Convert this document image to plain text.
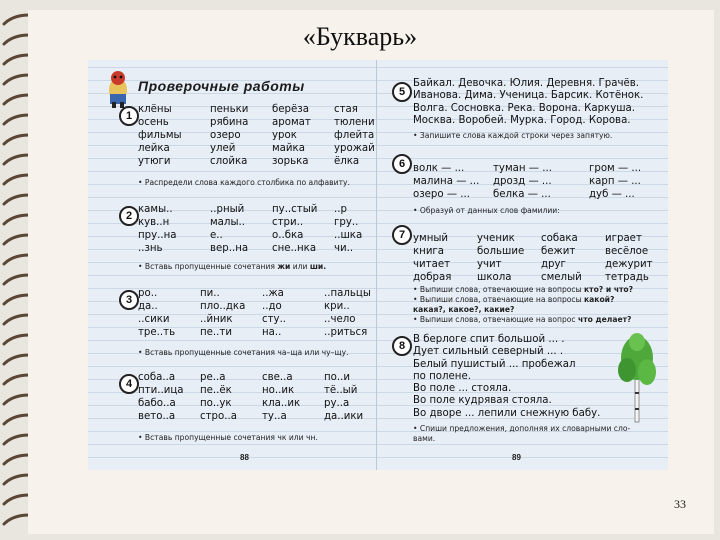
«Букварь»
Проверочные работы
1
клёны	пеньки	берёза	стая
осень	рябина	аромат	тюлени
фильмы	озеро	урок	флейта
лейка	улей	майка	урожай
утюги	слойка	зорька	ёлка
• Распредели слова каждого столбика по алфавиту.
2
камы..	..рный	пу..стый	..р
кув..н	малы..	стри..	гру..
пру..на	е..	о..бка	..шка
..знь	вер..на	сне..нка	чи..
• Вставь пропущенные сочетания жи или ши.
3
ро..	пи..	..жа	..пальцы
да..	пло..дка	..до	кри..
..сики	..йник	сту..	..чело
тре..ть	пе..ти	на..	..риться
• Вставь пропущенные сочетания ча–ща или чу–щу.
4
соба..а	ре..а	све..а	по..и
пти..ица	пе..ёк	но..ик	тё..ый
бабо..а	по..ук	кла..ик	ру..а
вето..а	стро..а	ту..а	да..ики
• Вставь пропущенные сочетания чк или чн.
88
5
Байкал. Девочка. Юлия. Деревня. Грачёв.
Иванова. Дима. Ученица. Барсик. Котёнок.
Волга. Сосновка. Река. Ворона. Каркуша.
Москва. Воробей. Мурка. Город. Корова.
• Запишите слова каждой строки через запятую.
6 волк — ...	туман — ...	гром — ...
малина — ...	дрозд — ...	карп — ...
озеро — ...	белка — ...	дуб — ...
• Образуй от данных слов фамилии:
7 умный	ученик	собака	играет
книга	большие	бежит	весёлое
читает	учит	друг	дежурит
добрая	школа	смелый	тетрадь
• Выпиши слова, отвечающие на вопросы кто? и что?
• Выпиши слова, отвечающие на вопросы какой?
какая?, какое?, какие?
• Выпиши слова, отвечающие на вопрос что делает?
8
В берлоге спит большой ... .
Дует сильный северный ... .
Белый пушистый ... пробежал
по полене.
Во поле ... стояла.
Во поле кудрявая стояла.
Во дворе ... лепили снежную бабу.
• Спиши предложения, дополняя их словарными сло-
вами.
89
33
